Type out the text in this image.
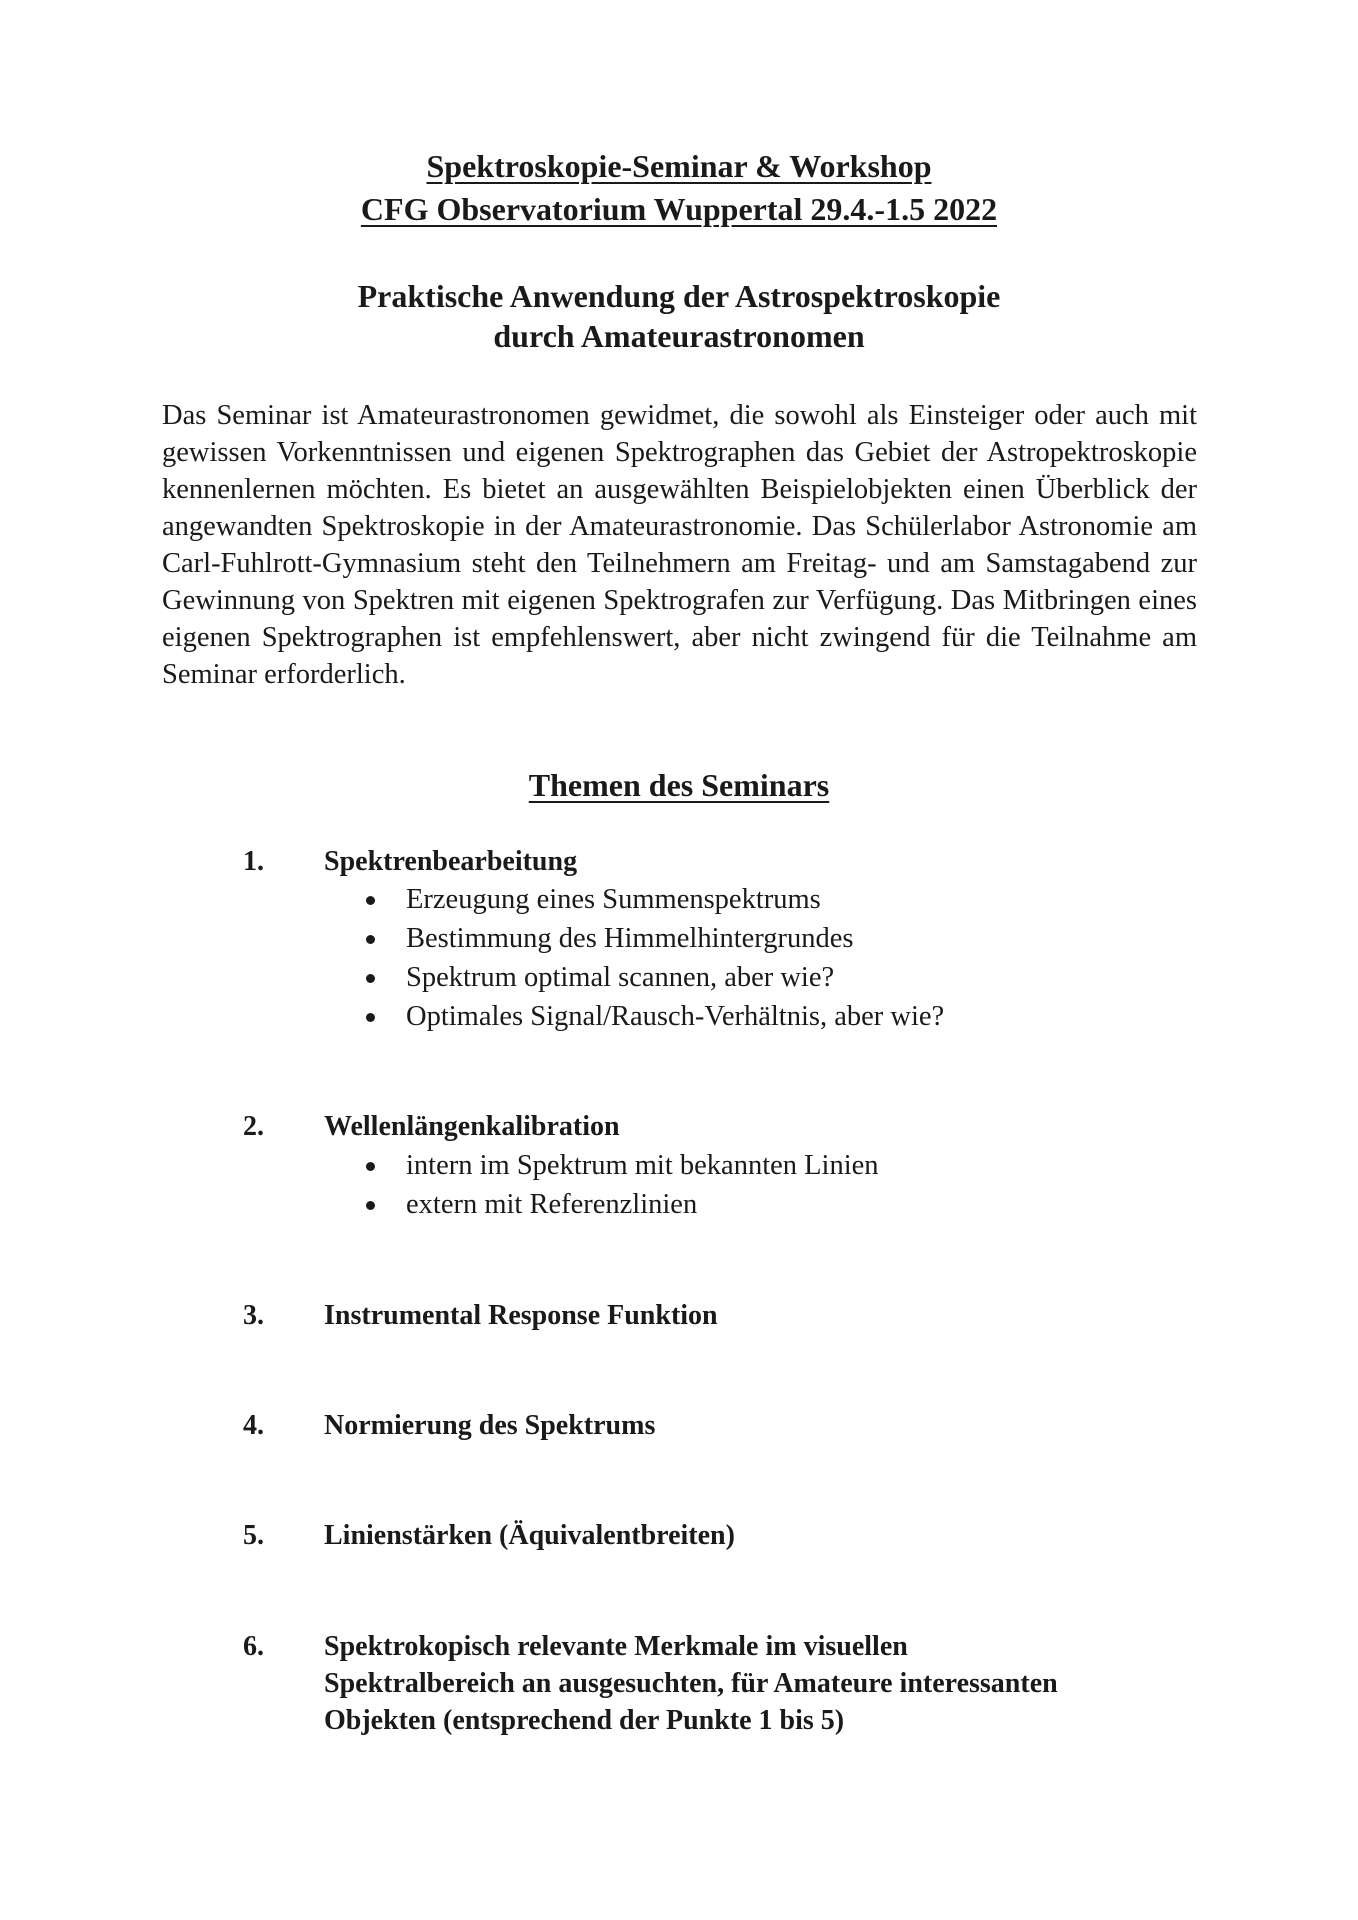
Spektroskopie-Seminar & Workshop
CFG Observatorium Wuppertal 29.4.-1.5 2022
Praktische Anwendung der Astrospektroskopie
durch Amateurastronomen

Das Seminar ist Amateurastronomen gewidmet, die sowohl als Einsteiger oder auch mit gewissen Vorkenntnissen und eigenen Spektrographen das Gebiet der Astropektroskopie kennenlernen möchten. Es bietet an ausgewählten Beispielobjekten einen Überblick der angewandten Spektroskopie in der Amateurastronomie. Das Schülerlabor Astronomie am Carl-Fuhlrott-Gymnasium steht den Teilnehmern am Freitag- und am Samstagabend zur Gewinnung von Spektren mit eigenen Spektrografen zur Verfügung. Das Mitbringen eines eigenen Spektrographen ist empfehlenswert, aber nicht zwingend für die Teilnahme am Seminar erforderlich.

Themen des Seminars
1. Spektrenbearbeitung
Erzeugung eines Summenspektrums
Bestimmung des Himmelhintergrundes
Spektrum optimal scannen, aber wie?
Optimales Signal/Rausch-Verhältnis, aber wie?
2. Wellenlängenkalibration
intern im Spektrum mit bekannten Linien
extern mit Referenzlinien
3. Instrumental Response Funktion
4. Normierung des Spektrums
5. Linienstärken (Äquivalentbreiten)
6. Spektrokopisch relevante Merkmale im visuellen
Spektralbereich an ausgesuchten, für Amateure interessanten
Objekten (entsprechend der Punkte 1 bis 5)
